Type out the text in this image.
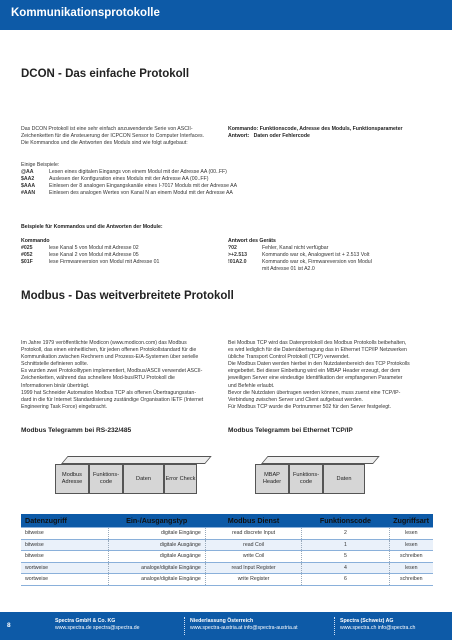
Kommunikationsprotokolle
DCON - Das einfache Protokoll
Das DCON Protokoll ist eine sehr einfach anzuwendende Serie von ASCII-
Zeichenketten für die Ansteuerung der ICPCON Sensor to Computer Interfaces.
Die Kommandos und die Antworten des Moduls sind wie folgt aufgebaut:
Kommando: Funktionscode, Adresse des Moduls, Funktionsparameter
Antwort: Daten oder Fehlercode
Einige Beispiele:
@AA	Lesen eines digitalen Eingangs von einem Modul mit der Adresse AA (00..FF)
$AA2	Auslesen der Konfiguration eines Moduls mit der Adresse AA (00..FF)
$AAA	Einlesen der 8 analogen Eingangskanäle eines I-7017 Moduls mit der Adresse AA
#AAN	Einlesen des analogen Wertes von Kanal N an einem Modul mit der Adresse AA
Beispiele für Kommandos und die Antworten der Module:
Kommando
#025	lese Kanal 5 von Modul mit Adresse 02
#052	lese Kanal 2 von Modul mit Adresse 05
$01F	lese Firmwareversion von Modul mit Adresse 01
Antwort des Geräts
?02	Fehler, Kanal nicht verfügbar
>+2.513	Kommando war ok, Analogwert ist + 2.513 Volt
!01A2.0	Kommando war ok, Firmwareversion von Modul
mit Adresse 01 ist A2.0
Modbus - Das weitverbreitete Protokoll
Im Jahre 1979 veröffentlichte Modicon (www.modicon.com) das Modbus
Protokoll, das einen einheitlichen, für jeden offenen Protokollstandard für die
Kommunikation zwischen Rechnern und Prozess-E/A-Systemen über serielle
Schnittstelle definieren sollte.
Es wurden zwei Protokolltypen implementiert, Modbus/ASCII verwendet ASCII-
Zeichenketten, während das schnellere Mod-bus/RTU Protokoll die
Informationen binär überträgt.
1999 hat Schneider Automation Modbus TCP als offenen Übertragungsstan-
dard in die für Internet Standardisierung zuständige Organisation IETF (Internet
Engineering Task Force) eingebracht.
Bei Modbus TCP wird das Datenprotokoll des Modbus Protokolls beibehalten,
es wird lediglich für die Datenübertragung das in Ethernet TCP/IP Netzwerken
übliche Transport Control Protokoll (TCP) verwendet.
Die Modbus Daten werden hierbei in den Nutzdatenbereich des TCP Protokolls
eingebettet. Bei dieser Einbettung wird ein MBAP Header erzeugt, der dem
jeweiligen Server eine eindeutige Identifikation der empfangenen Parameter
und Befehle erlaubt.
Bevor die Nutzdaten übertragen werden können, muss zuerst eine TCP/IP-
Verbindung zwischen Server und Client aufgebaut werden.
Für Modbus TCP wurde die Portnummer 502 für den Server festgelegt.
Modbus Telegramm bei RS-232/485	Modbus Telegramm bei Ethernet TCP/IP
Modbus Adresse
Funktions-code
Daten	Error Check
MBAP Header
Funktions-code
Daten
Datenzugriff	Ein-/Ausgangstyp	Modbus Dienst	Funktionscode	Zugriffsart
bitweise	digitale Eingänge	read discrete Input	2	lesen
bitweise	digitale Ausgänge	read Coil	1	lesen
bitweise	digitale Ausgänge	write Coil	5	schreiben
wortweise	analoge/digitale Eingänge	read Input Register	4	lesen
wortweise	analoge/digitale Eingänge	write Register	6	schreiben
8
Spectra GmbH & Co. KG
www.spectra.de spectra@spectra.de
Niederlassung Österreich
www.spectra-austria.at info@spectra-austria.at
Spectra (Schweiz) AG
www.spectra.ch info@spectra.ch
